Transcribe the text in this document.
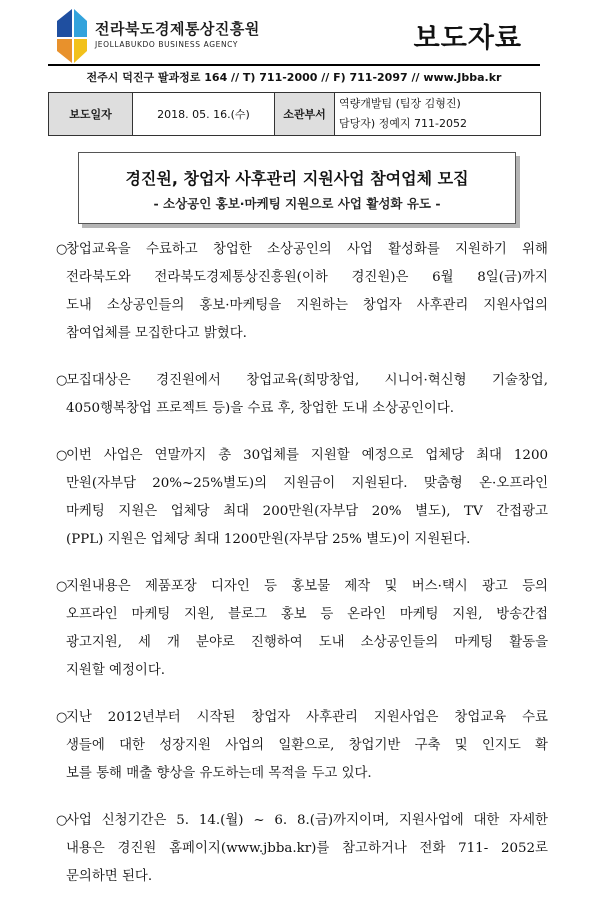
전라북도경제통상진흥원
JEOLLABUKDO BUSINESS AGENCY	보도자료
전주시 덕진구 팔과정로 164 // T) 711-2000 // F) 711-2097 // www.Jbba.kr
보도일자	2018. 05. 16.(수)	소관부서	
역량개발팀 (팀장 김형진)
담당자) 정예지 711-2052
경진원, 창업자 사후관리 지원사업 참여업체 모집
- 소상공인 홍보·마케팅 지원으로 사업 활성화 유도 -
○
창업교육을 수료하고 창업한 소상공인의 사업 활성화를 지원하기 위해
전라북도와 전라북도경제통상진흥원(이하 경진원)은 6월 8일(금)까지
도내 소상공인들의 홍보·마케팅을 지원하는 창업자 사후관리 지원사업의
참여업체를 모집한다고 밝혔다.
○
모집대상은 경진원에서 창업교육(희망창업, 시니어·혁신형 기술창업,
4050행복창업 프로젝트 등)을 수료 후, 창업한 도내 소상공인이다.
○
이번 사업은 연말까지 총 30업체를 지원할 예정으로 업체당 최대 1200
만원(자부담 20%~25%별도)의 지원금이 지원된다. 맞춤형 온·오프라인
마케팅 지원은 업체당 최대 200만원(자부담 20% 별도), TV 간접광고
(PPL) 지원은 업체당 최대 1200만원(자부담 25% 별도)이 지원된다.
○
지원내용은 제품포장 디자인 등 홍보물 제작 및 버스·택시 광고 등의
오프라인 마케팅 지원, 블로그 홍보 등 온라인 마케팅 지원, 방송간접
광고지원, 세 개 분야로 진행하여 도내 소상공인들의 마케팅 활동을
지원할 예정이다.
○
지난 2012년부터 시작된 창업자 사후관리 지원사업은 창업교육 수료
생들에 대한 성장지원 사업의 일환으로, 창업기반 구축 및 인지도 확
보를 통해 매출 향상을 유도하는데 목적을 두고 있다.
○
사업 신청기간은 5. 14.(월) ~ 6. 8.(금)까지이며, 지원사업에 대한 자세한
내용은 경진원 홈페이지(www.jbba.kr)를 참고하거나 전화 711- 2052로
문의하면 된다.
